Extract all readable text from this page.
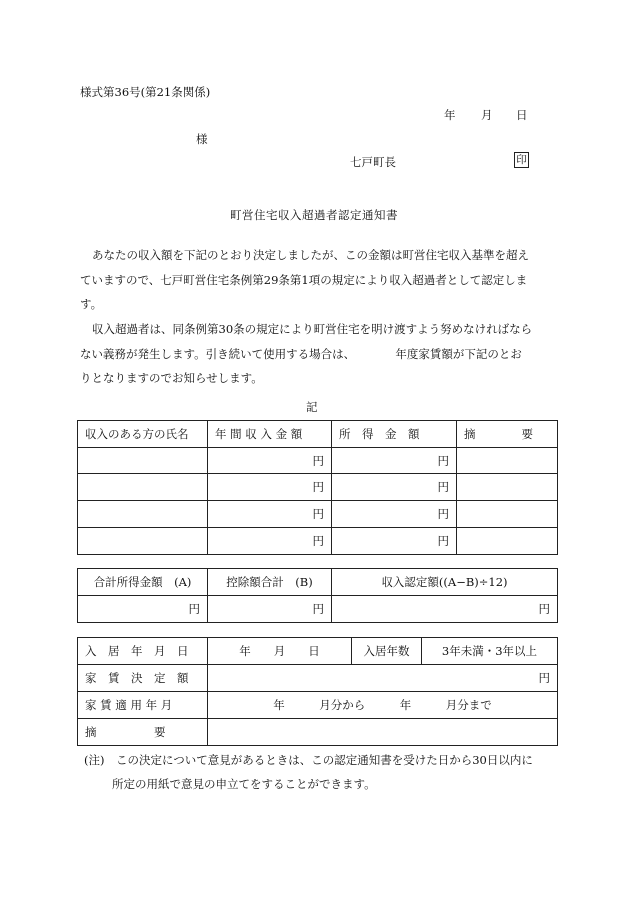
様式第36号(第21条関係)
年 月 日
様
七戸町長	印
町営住宅収入超過者認定通知書
あなたの収入額を下記のとおり決定しましたが、この金額は町営住宅収入基準を超え
ていますので、七戸町営住宅条例第29条第1項の規定により収入超過者として認定しま
す。
収入超過者は、同条例第30条の規定により町営住宅を明け渡すよう努めなければなら
ない義務が発生します。引き続いて使用する場合は、　　　　年度家賃額が下記のとお
りとなりますのでお知らせします。
記
収入のある方の氏名	年 間 収 入 金 額	所　得　金　額	摘　　　　要
	円	円	
	円	円	
	円	円	
	円	円	
合計所得金額　(A)	控除額合計　(B)	収入認定額((A−B)÷12)
円	円	円
入　居　年　月　日	年　　月　　日	入居年数	3年未満・3年以上
家　賃　決　定　額	円		
家 賃 適 用 年 月	年　　　月分から　　　年　　　月分まで		
摘　　　　　要			
(注)　この決定について意見があるときは、この認定通知書を受けた日から30日以内に
所定の用紙で意見の申立てをすることができます。
